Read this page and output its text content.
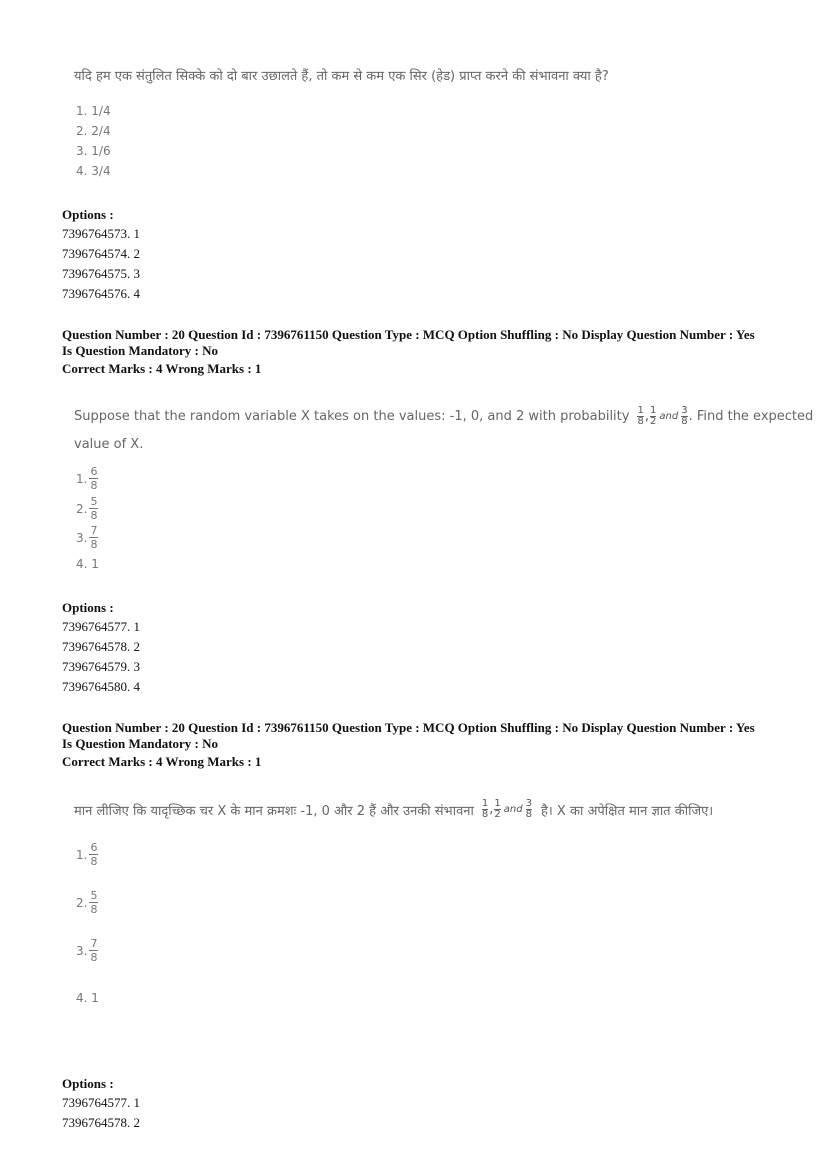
यदि हम एक संतुलित सिक्के को दो बार उछालते हैं, तो कम से कम एक सिर (हेड) प्राप्त करने की संभावना क्या है?
1. 1/4
2. 2/4
3. 1/6
4. 3/4
Options :
7396764573. 1
7396764574. 2
7396764575. 3
7396764576. 4
Question Number : 20 Question Id : 7396761150 Question Type : MCQ Option Shuffling : No Display Question Number : Yes
Is Question Mandatory : No
Correct Marks : 4 Wrong Marks : 1
Suppose that the random variable X takes on the values: -1, 0, and 2 with probability $\frac{1}{8}$ , $\frac{1}{2}$ and $\frac{3}{8}$ . Find the expected
value of X.
1. $\frac{6}{8}$
2. $\frac{5}{8}$
3. $\frac{7}{8}$
4. 1
Options :
7396764577. 1
7396764578. 2
7396764579. 3
7396764580. 4
Question Number : 20 Question Id : 7396761150 Question Type : MCQ Option Shuffling : No Display Question Number : Yes
Is Question Mandatory : No
Correct Marks : 4 Wrong Marks : 1
मान लीजिए कि यादृच्छिक चर X के मान क्रमशः -1, 0 और 2 हैं और उनकी संभावना $\frac{1}{8}$ , $\frac{1}{2}$ and $\frac{3}{8}$ है। X का अपेक्षित मान ज्ञात कीजिए।
1. $\frac{6}{8}$
2. $\frac{5}{8}$
3. $\frac{7}{8}$
4. 1
Options :
7396764577. 1
7396764578. 2
